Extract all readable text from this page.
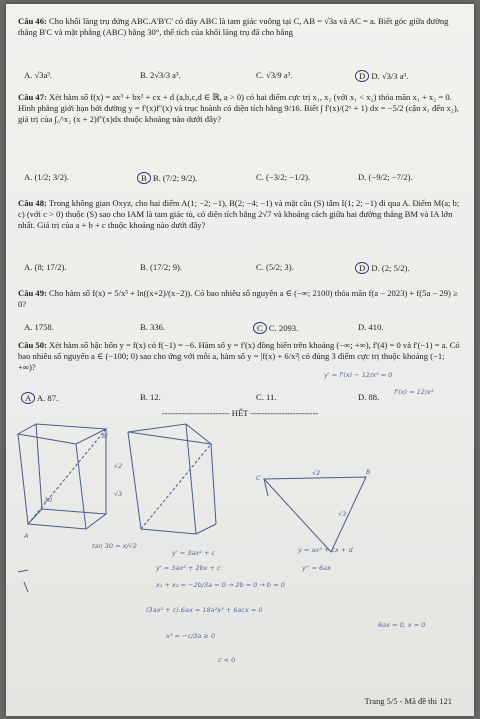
Câu 46: Cho khối lăng trụ đứng ABC.A'B'C' có đáy ABC là tam giác vuông tại C, AB = √3a và AC = a. Biết góc giữa đường thẳng B'C và mặt phẳng (ABC) bằng 30°, thể tích của khối lăng trụ đã cho bằng
A. √3a³.	B. 2√3/3 a³.	C. √3/9 a³.	D D. √3/3 a³.
Câu 47: Xét hàm số f(x) = ax³ + bx² + cx + d (a,b,c,d ∈ ℝ, a > 0) có hai điểm cực trị x₁, x₂ (với x₁ < x₂) thỏa mãn x₁ + x₂ = 0. Hình phẳng giới hạn bởi đường y = f'(x)f''(x) và trục hoành có diện tích bằng 9/16. Biết ∫ f'(x)/(2ˣ + 1) dx = −5/2 (cận x₁ đến x₂), giá trị của ∫₀^x₂ (x + 2)f''(x)dx thuộc khoảng nào dưới đây?
A. (1/2; 3/2).	B B. (7/2; 9/2).	C. (−3/2; −1/2).	D. (−9/2; −7/2).
Câu 48: Trong không gian Oxyz, cho hai điểm A(1; −2; −1), B(2; −4; −1) và mặt cầu (S) tâm I(1; 2; −1) đi qua A. Điểm M(a; b; c) (với c > 0) thuộc (S) sao cho IAM là tam giác tù, có diện tích bằng 2√7 và khoảng cách giữa hai đường thẳng BM và IA lớn nhất. Giá trị của a + b + c thuộc khoảng nào dưới đây?
A. (8; 17/2).	B. (17/2; 9).	C. (5/2; 3).	D D. (2; 5/2).
Câu 49: Cho hàm số f(x) = 5/x³ + ln((x+2)/(x−2)). Có bao nhiêu số nguyên a ∈ (−∞; 2100) thỏa mãn f(a − 2023) + f(5a − 29) ≥ 0?
A. 1758.	B. 336.	C C. 2093.	D. 410.
Câu 50: Xét hàm số bậc bốn y = f(x) có f(−1) = −6. Hàm số y = f'(x) đồng biến trên khoảng (−∞; +∞), f'(4) = 0 và f'(−1) = a. Có bao nhiêu số nguyên a ∈ (−100; 0) sao cho ứng với mỗi a, hàm số y = |f(x) + 6/x²| có đúng 3 điểm cực trị thuộc khoảng (−1; +∞)?
A A. 87.	B. 12.	C. 11.	D. 88.
------------------------ HẾT ------------------------
B'
√2
√3
30
A
B
C
√2
√3
tan 30 = x/√2
y' = 3ax² + c	y = ax³ + cx + d
y' = 3ax² + 2bx + c	y'' = 6ax
x₁ + x₂ = −2b/3a = 0 → 2b = 0 → b = 0
(3ax² + c).6ax = 18a²x³ + 6acx = 0
x² = −c/3a ≥ 0
6ax = 0, x = 0
c < 0
y' = f'(x) − 12/x³ = 0
f'(x) = 12/x³
Trang 5/5 - Mã đề thi 121
